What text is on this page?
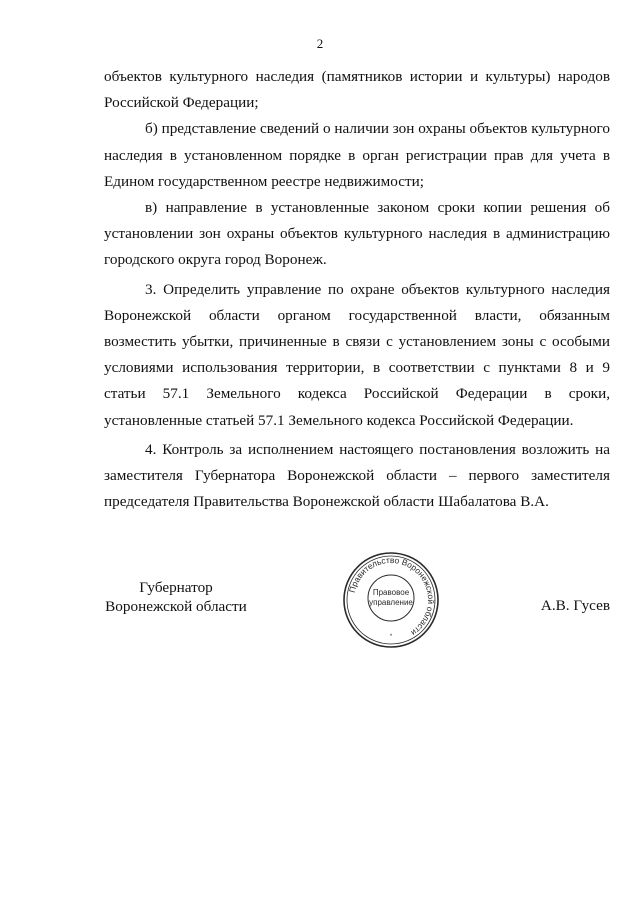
2

объектов культурного наследия (памятников истории и культуры) народов Российской Федерации;

б) представление сведений о наличии зон охраны объектов культурного наследия в установленном порядке в орган регистрации прав для учета в Едином государственном реестре недвижимости;

в) направление в установленные законом сроки копии решения об установлении зон охраны объектов культурного наследия в администрацию городского округа город Воронеж.

3. Определить управление по охране объектов культурного наследия Воронежской области органом государственной власти, обязанным возместить убытки, причиненные в связи с установлением зоны с особыми условиями использования территории, в соответствии с пунктами 8 и 9 статьи 57.1 Земельного кодекса Российской Федерации в сроки, установленные статьей 57.1 Земельного кодекса Российской Федерации.

4. Контроль за исполнением настоящего постановления возложить на заместителя Губернатора Воронежской области – первого заместителя председателя Правительства Воронежской области Шабалатова В.А.

Губернатор
Воронежской области	А.В. Гусев
Правительство Воронежской области
Правовое
управление
*
